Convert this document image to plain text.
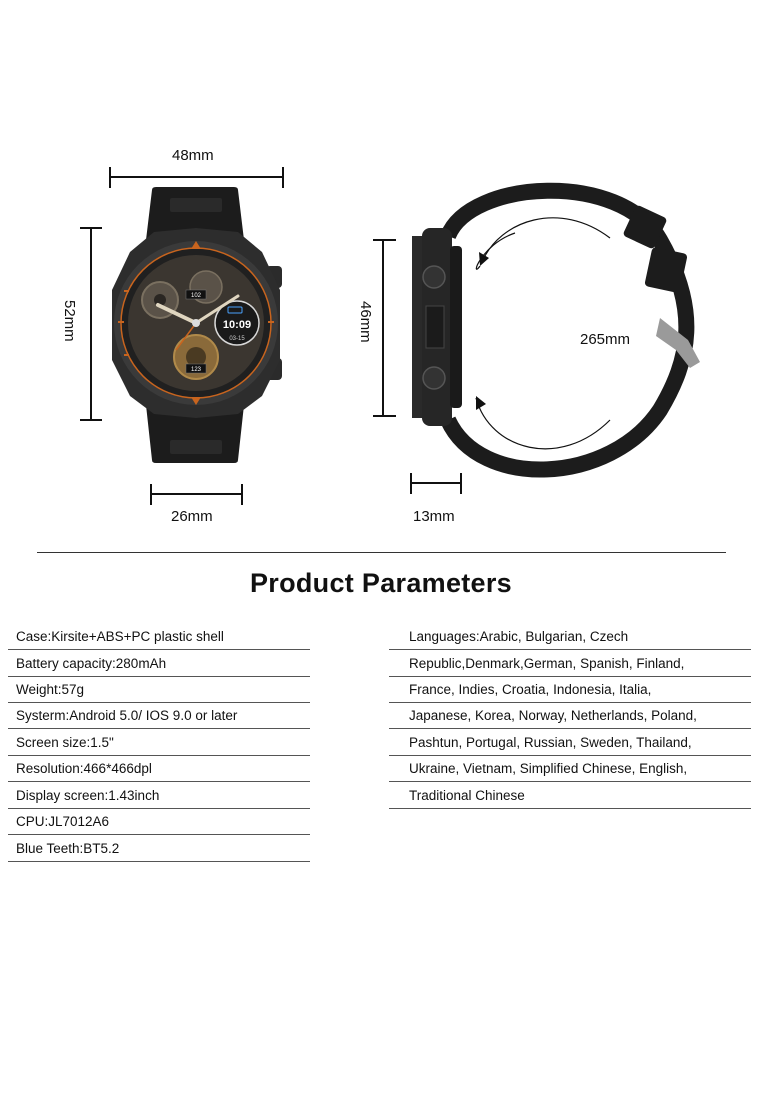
48mm
52mm
26mm
46mm
13mm
265mm
10:09
03-15
102
123
Product Parameters
Case:Kirsite+ABS+PC plastic shell
Battery capacity:280mAh
Weight:57g
Systerm:Android 5.0/ IOS 9.0 or later
Screen size:1.5"
Resolution:466*466dpl
Display screen:1.43inch
CPU:JL7012A6
Blue Teeth:BT5.2
Languages:Arabic, Bulgarian, Czech
Republic,Denmark,German, Spanish, Finland,
France, Indies, Croatia, Indonesia, Italia,
Japanese, Korea, Norway, Netherlands, Poland,
Pashtun, Portugal, Russian, Sweden, Thailand,
Ukraine, Vietnam, Simplified Chinese, English,
Traditional Chinese
